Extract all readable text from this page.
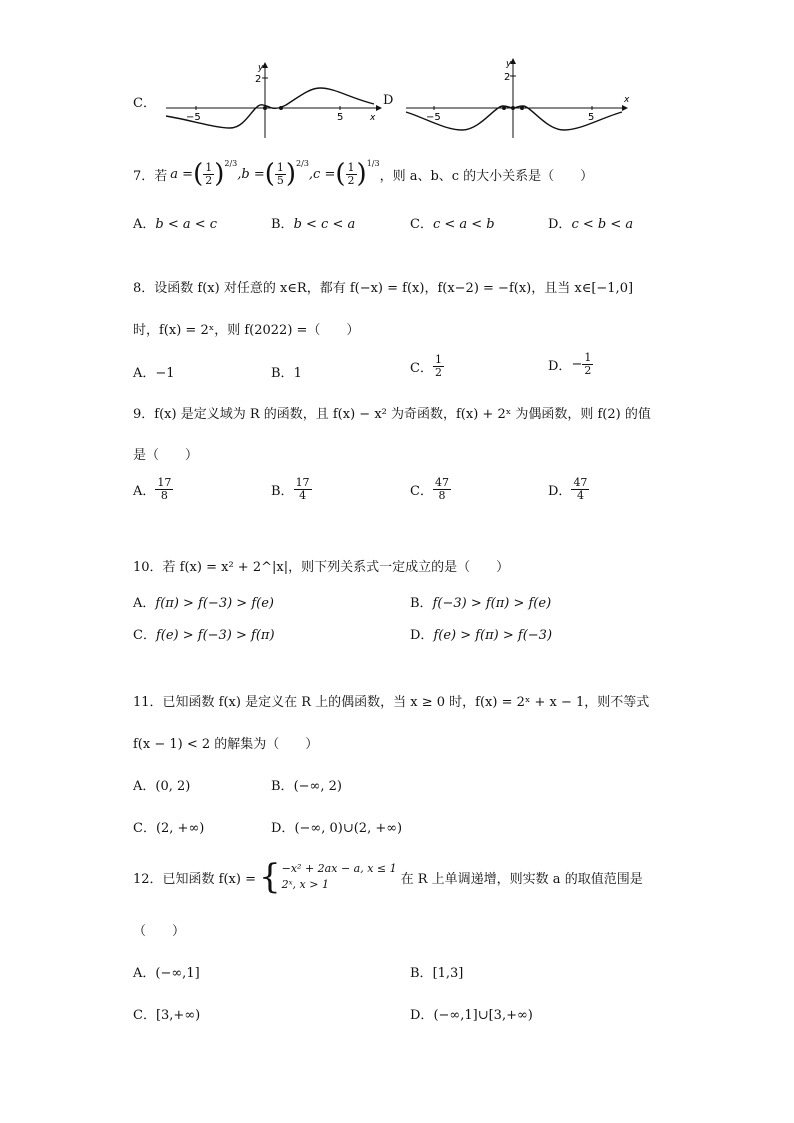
C．
2
y
x
−5	5
D
2
y
x
−5	5
7．若 a = ( $\frac{1}{2} )^{2/3}$
,b = ( $\frac{1}{5} )^{2/3}$
,c = ( $\frac{1}{2} )^{1/3}$
，则 a、b、c 的大小关系是（　　）
A．b < a < c	B．b < c < a	C．c < a < b	D．c < b < a
8．设函数 f(x) 对任意的 x∈R，都有 f(−x) = f(x)，f(x−2) = −f(x)，且当 x∈[−1,0]
时，f(x) = 2ˣ，则 f(2022) =（　　）
A．−1	B．1	C． $\frac{1}{2}$	D． − $\frac{1}{2}$
9．f(x) 是定义域为 R 的函数，且 f(x) − x² 为奇函数，f(x) + 2ˣ 为偶函数，则 f(2) 的值
是（　　）
A． $\frac{17}{8}$	B． $\frac{17}{4}$	C． $\frac{47}{8}$	D． $\frac{47}{4}$
10．若 f(x) = x² + 2^|x|，则下列关系式一定成立的是（　　）
A．f(π) > f(−3) > f(e)	B．f(−3) > f(π) > f(e)
C．f(e) > f(−3) > f(π)	D．f(e) > f(π) > f(−3)
11．已知函数 f(x) 是定义在 R 上的偶函数，当 x ≥ 0 时，f(x) = 2ˣ + x − 1，则不等式
f(x − 1) < 2 的解集为（　　）
A．(0, 2)	B．(−∞, 2)
C．(2, +∞)	D．(−∞, 0)∪(2, +∞)
12．已知函数 f(x) = { −x² + 2ax − a, x ≤ 1
2ˣ, x > 1	在 R 上单调递增，则实数 a 的取值范围是
（　　）
A．(−∞,1]	B．[1,3]
C．[3,+∞)	D．(−∞,1]∪[3,+∞)
